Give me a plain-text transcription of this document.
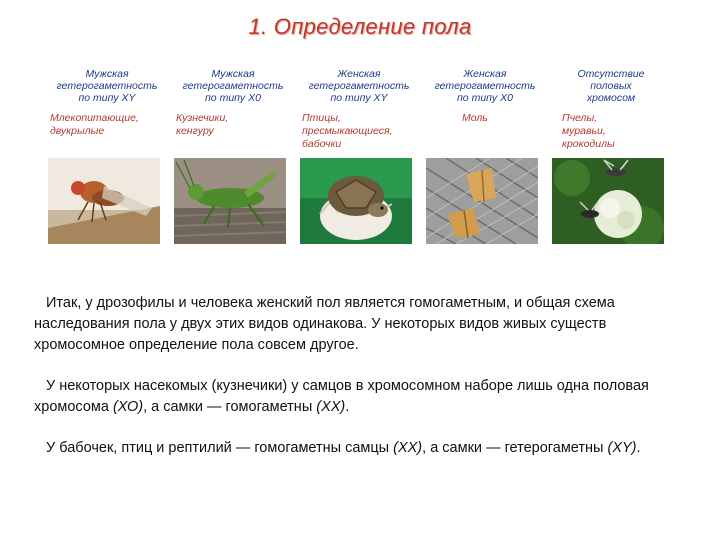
1. Определение пола
Мужская
гетерогаметность
по типу XY
Млекопитающие,
двукрылые
Мужская
гетерогаметность
по типу X0
Кузнечики,
кенгуру
Женская
гетерогаметность
по типу XY
Птицы,
пресмыкающиеся,
бабочки
Женская
гетерогаметность
по типу X0
Моль
Отсутствие
половых
хромосом
Пчелы,
муравьи,
крокодилы

Итак, у дрозофилы и человека женский пол является гомогаметным, и общая схема наследования пола у двух этих видов одинакова. У некоторых видов живых существ хромосомное определение пола совсем другое.

У некоторых насекомых (кузнечики) у самцов в хромосомном наборе лишь одна половая хромосома (ХО), а самки — гомогаметны (ХХ).

У бабочек, птиц и рептилий — гомогаметны самцы (ХХ), а самки — гетерогаметны (ХY).
